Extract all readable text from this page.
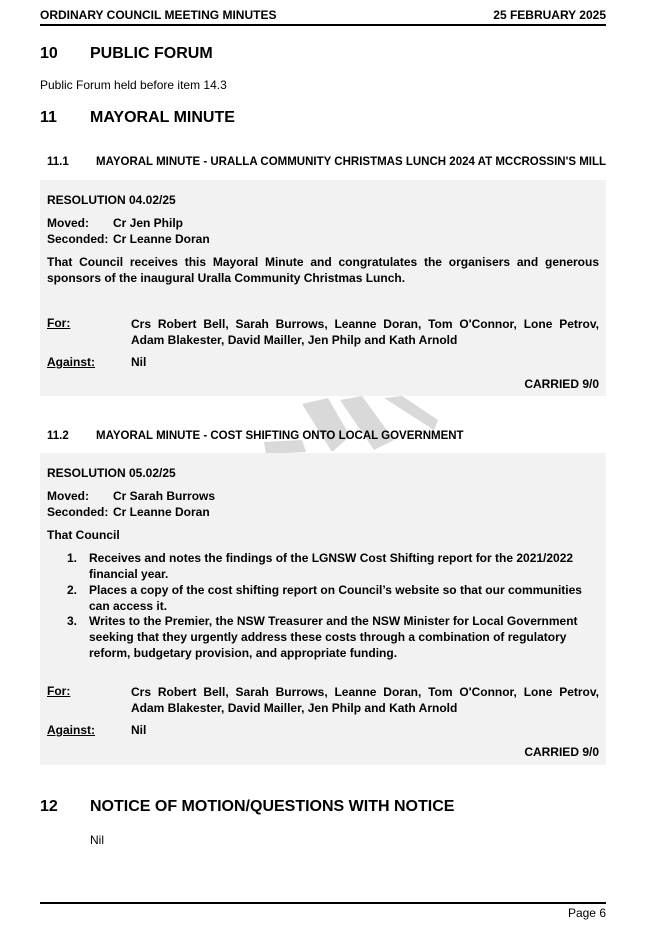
ORDINARY COUNCIL MEETING MINUTES	25 FEBRUARY 2025
10 PUBLIC FORUM
Public Forum held before item 14.3
11 MAYORAL MINUTE
11.1 MAYORAL MINUTE - URALLA COMMUNITY CHRISTMAS LUNCH 2024 AT MCCROSSIN'S MILL
RESOLUTION 04.02/25
Moved: Cr Jen Philp
Seconded: Cr Leanne Doran
That Council receives this Mayoral Minute and congratulates the organisers and generous sponsors of the inaugural Uralla Community Christmas Lunch.
For:	Crs Robert Bell, Sarah Burrows, Leanne Doran, Tom O'Connor, Lone Petrov, Adam Blakester, David Mailler, Jen Philp and Kath Arnold
Against:	Nil
CARRIED 9/0
11.2 MAYORAL MINUTE - COST SHIFTING ONTO LOCAL GOVERNMENT
RESOLUTION 05.02/25
Moved: Cr Sarah Burrows
Seconded: Cr Leanne Doran
That Council
1. Receives and notes the findings of the LGNSW Cost Shifting report for the 2021/2022 financial year.
2. Places a copy of the cost shifting report on Council’s website so that our communities can access it.
3. Writes to the Premier, the NSW Treasurer and the NSW Minister for Local Government seeking that they urgently address these costs through a combination of regulatory reform, budgetary provision, and appropriate funding.
For:	Crs Robert Bell, Sarah Burrows, Leanne Doran, Tom O'Connor, Lone Petrov, Adam Blakester, David Mailler, Jen Philp and Kath Arnold
Against:	Nil
CARRIED 9/0
12 NOTICE OF MOTION/QUESTIONS WITH NOTICE
Nil
Page 6
